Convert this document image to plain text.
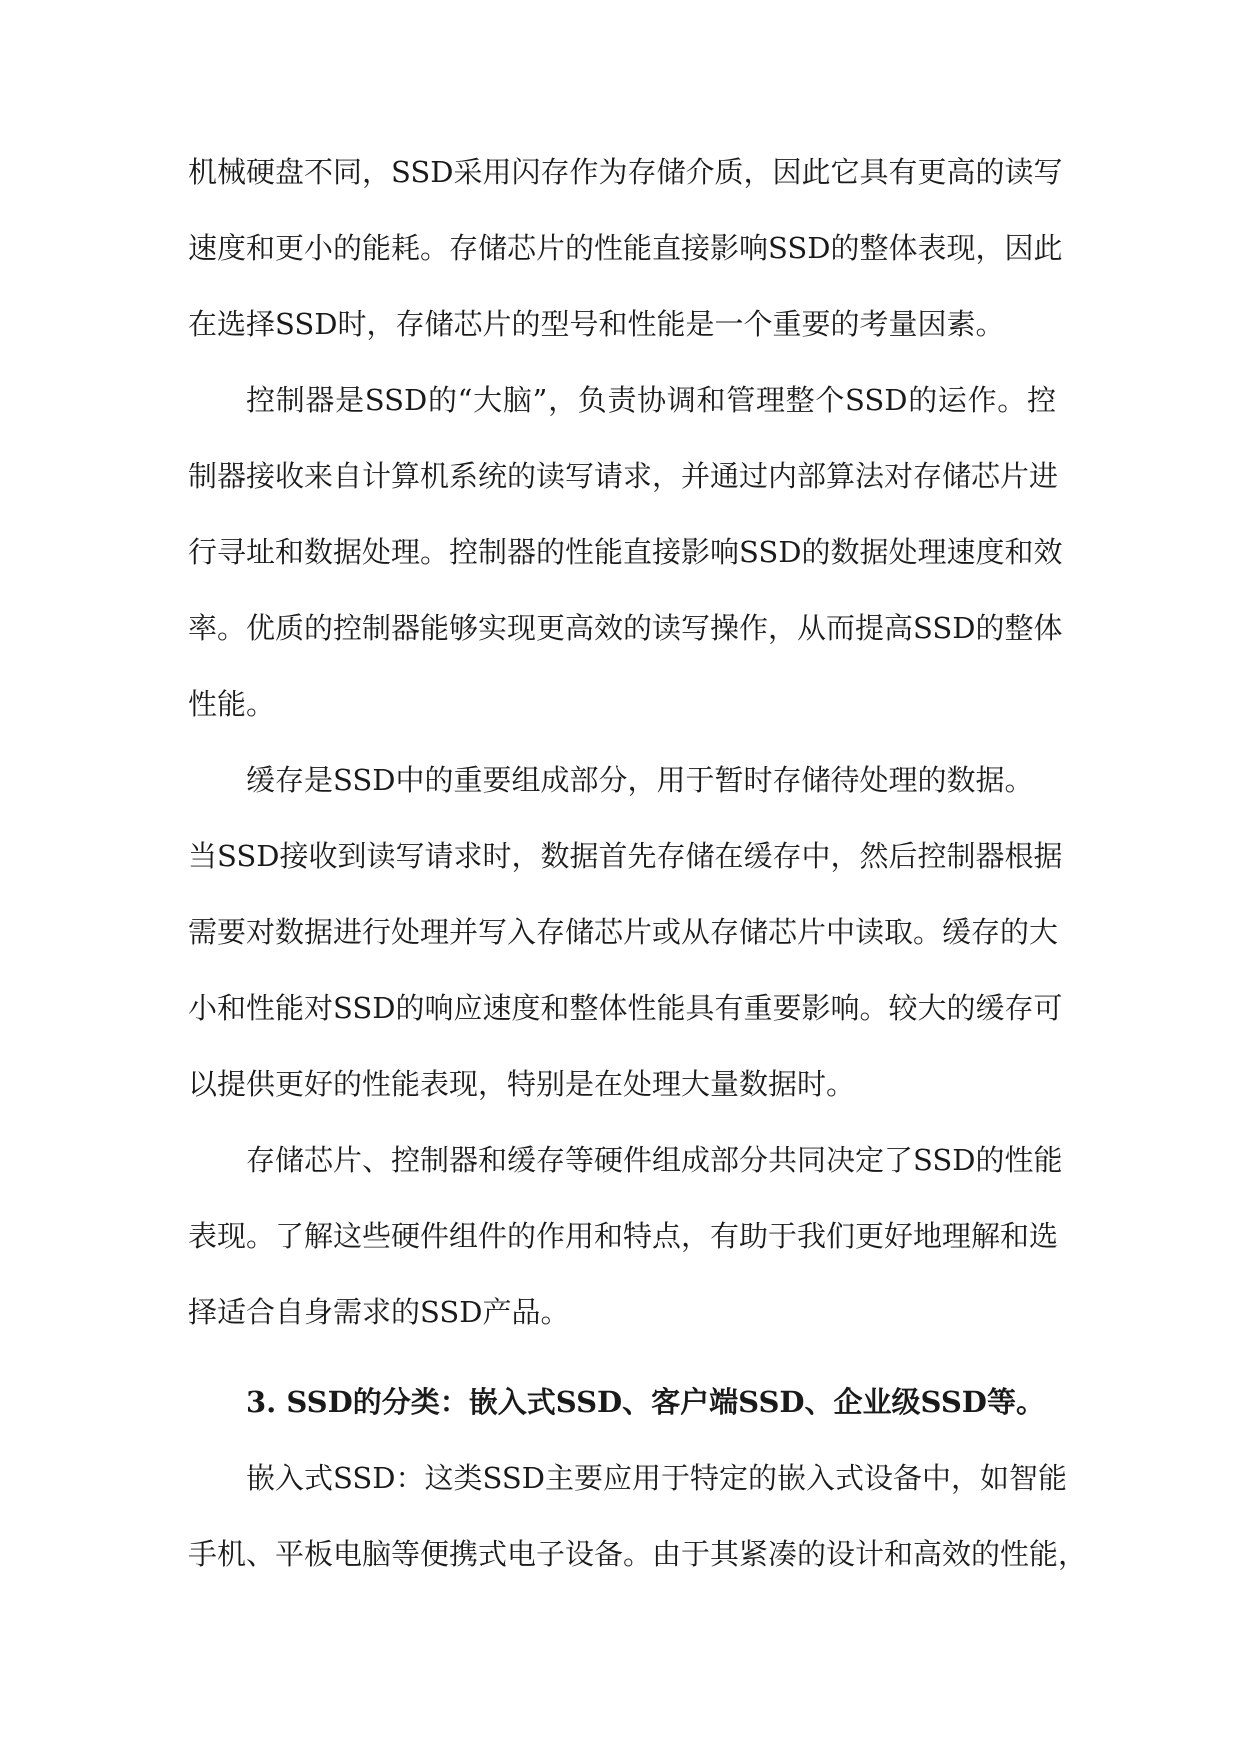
机械硬盘不同，SSD采用闪存作为存储介质，因此它具有更高的读写
速度和更小的能耗。存储芯片的性能直接影响SSD的整体表现，因此
在选择SSD时，存储芯片的型号和性能是一个重要的考量因素。
控制器是SSD的“大脑”，负责协调和管理整个SSD的运作。控
制器接收来自计算机系统的读写请求，并通过内部算法对存储芯片进
行寻址和数据处理。控制器的性能直接影响SSD的数据处理速度和效
率。优质的控制器能够实现更高效的读写操作，从而提高SSD的整体
性能。
缓存是SSD中的重要组成部分，用于暂时存储待处理的数据。
当SSD接收到读写请求时，数据首先存储在缓存中，然后控制器根据
需要对数据进行处理并写入存储芯片或从存储芯片中读取。缓存的大
小和性能对SSD的响应速度和整体性能具有重要影响。较大的缓存可
以提供更好的性能表现，特别是在处理大量数据时。
存储芯片、控制器和缓存等硬件组成部分共同决定了SSD的性能
表现。了解这些硬件组件的作用和特点，有助于我们更好地理解和选
择适合自身需求的SSD产品。
3. SSD的分类：嵌入式SSD、客户端SSD、企业级SSD等。
嵌入式SSD：这类SSD主要应用于特定的嵌入式设备中，如智能
手机、平板电脑等便携式电子设备。由于其紧凑的设计和高效的性能，
